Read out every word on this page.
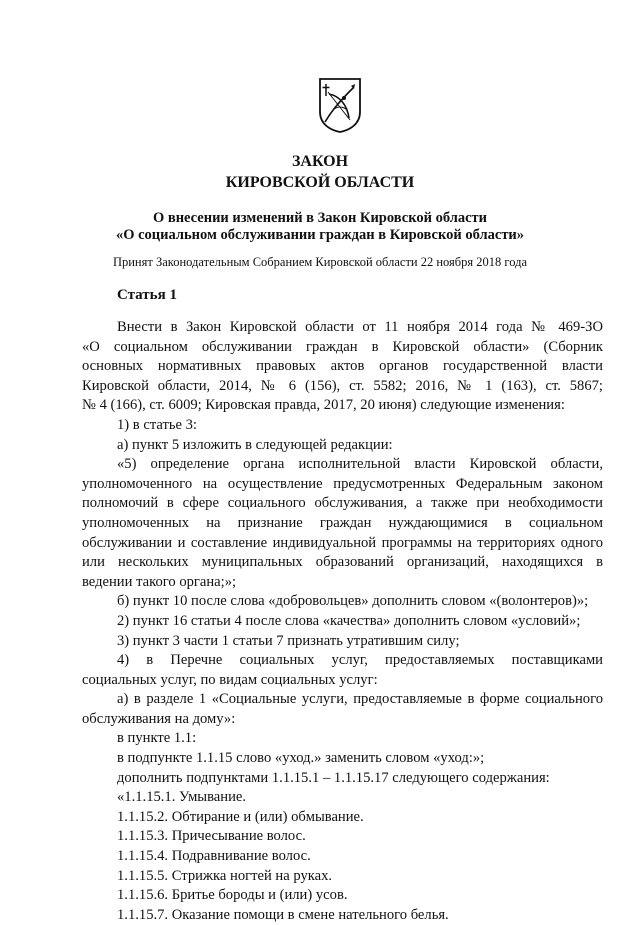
ЗАКОН
КИРОВСКОЙ ОБЛАСТИ
О внесении изменений в Закон Кировской области
«О социальном обслуживании граждан в Кировской области»
Принят Законодательным Собранием Кировской области 22 ноября 2018 года
Статья 1

Внести в Закон Кировской области от 11 ноября 2014 года № 469-ЗО

«О социальном обслуживании граждан в Кировской области» (Сборник

основных нормативных правовых актов органов государственной власти

Кировской области, 2014, № 6 (156), ст. 5582; 2016, № 1 (163), ст. 5867;

№ 4 (166), ст. 6009; Кировская правда, 2017, 20 июня) следующие изменения:

1) в статье 3:

а) пункт 5 изложить в следующей редакции:

«5) определение органа исполнительной власти Кировской области,

уполномоченного на осуществление предусмотренных Федеральным законом

полномочий в сфере социального обслуживания, а также при необходимости

уполномоченных на признание граждан нуждающимися в социальном

обслуживании и составление индивидуальной программы на территориях одного

или нескольких муниципальных образований организаций, находящихся в

ведении такого органа;»;

б) пункт 10 после слова «добровольцев» дополнить словом «(волонтеров)»;

2) пункт 16 статьи 4 после слова «качества» дополнить словом «условий»;

3) пункт 3 части 1 статьи 7 признать утратившим силу;

4) в Перечне социальных услуг, предоставляемых поставщиками

социальных услуг, по видам социальных услуг:

а) в разделе 1 «Социальные услуги, предоставляемые в форме социального

обслуживания на дому»:

в пункте 1.1:

в подпункте 1.1.15 слово «уход.» заменить словом «уход:»;

дополнить подпунктами 1.1.15.1 – 1.1.15.17 следующего содержания:

«1.1.15.1. Умывание.

1.1.15.2. Обтирание и (или) обмывание.

1.1.15.3. Причесывание волос.

1.1.15.4. Подравнивание волос.

1.1.15.5. Стрижка ногтей на руках.

1.1.15.6. Бритье бороды и (или) усов.

1.1.15.7. Оказание помощи в смене нательного белья.
